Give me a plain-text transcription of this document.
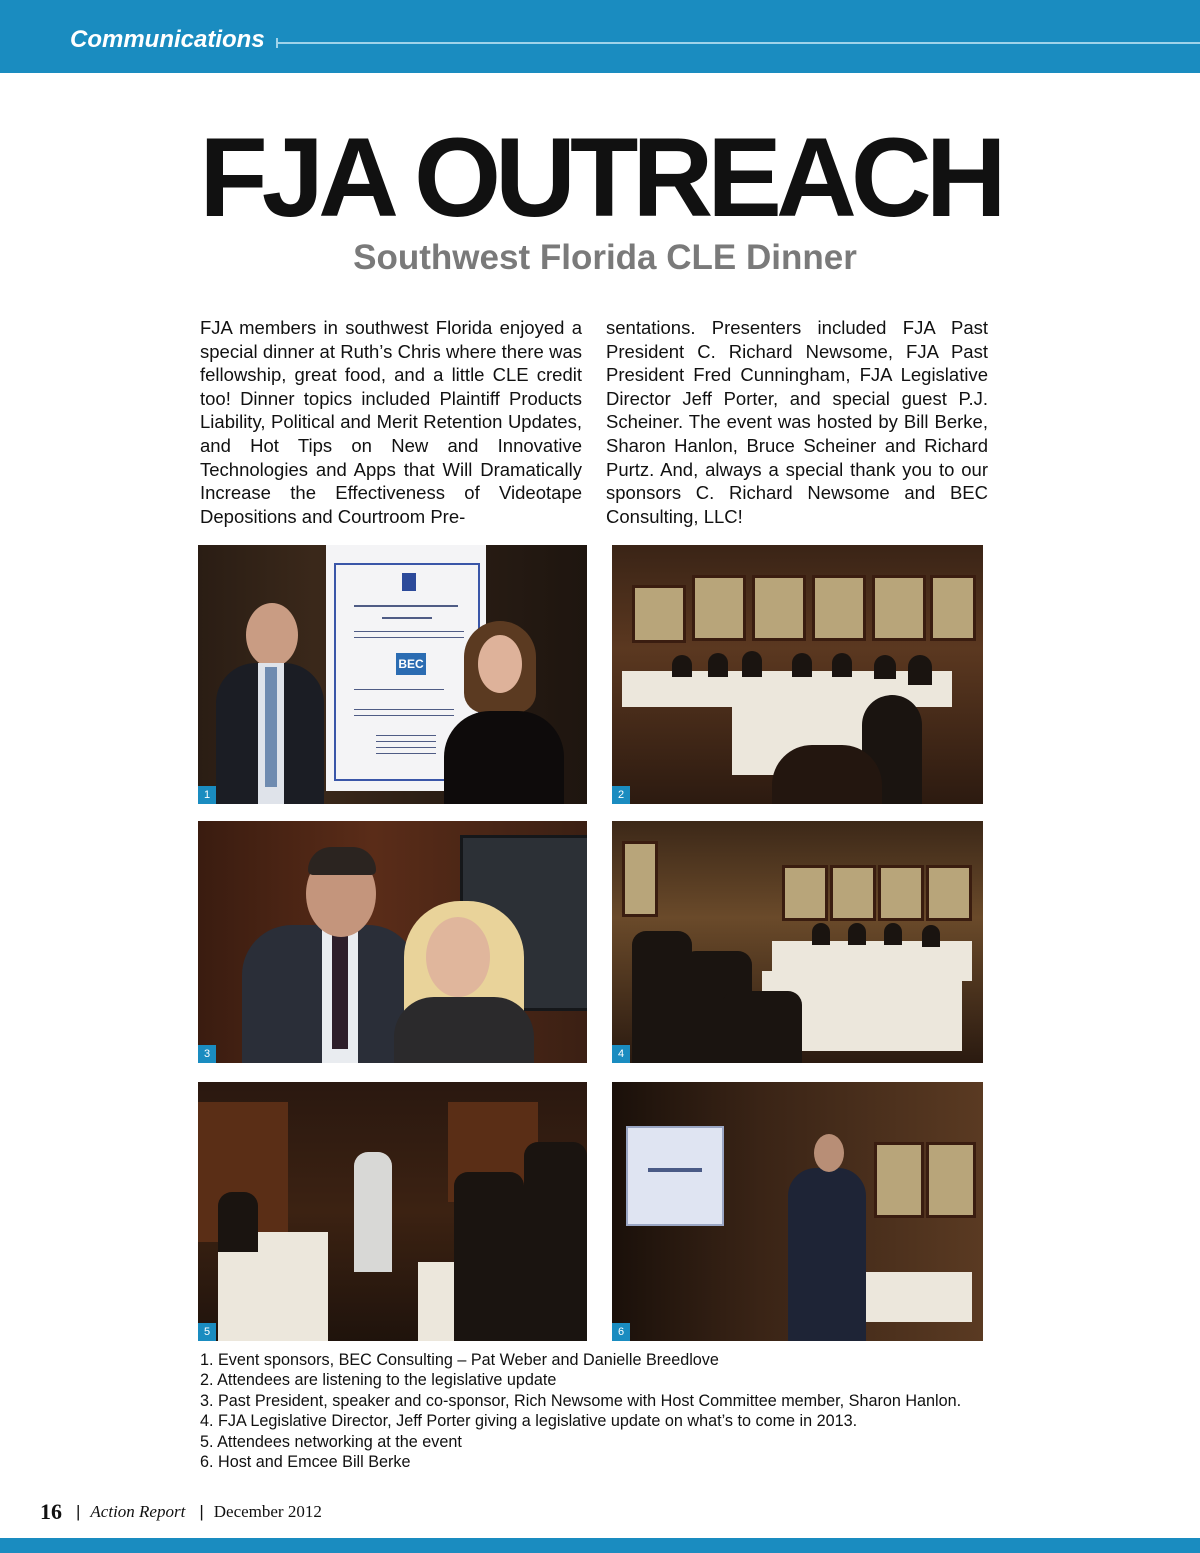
Communications
FJA OUTREACH
Southwest Florida CLE Dinner
FJA members in southwest Florida enjoyed a special dinner at Ruth’s Chris where there was fellowship, great food, and a little CLE credit too! Dinner topics included Plaintiff Products Liability, Political and Merit Retention Updates, and Hot Tips on New and Innovative Technologies and Apps that Will Dramatically Increase the Effectiveness of Videotape Depositions and Courtroom Pre-
sentations. Presenters included FJA Past President C. Richard Newsome, FJA Past President Fred Cunningham, FJA Legislative Director Jeff Porter, and special guest P.J. Scheiner. The event was hosted by Bill Berke, Sharon Hanlon, Bruce Scheiner and Richard Purtz. And, always a special thank you to our sponsors C. Richard Newsome and BEC Consulting, LLC!
BEC
1	2
3	4
5	6
1. Event sponsors, BEC Consulting – Pat Weber and Danielle Breedlove
2. Attendees are listening to the legislative update
3. Past President, speaker and co-sponsor, Rich Newsome with Host Committee member, Sharon Hanlon.
4. FJA Legislative Director, Jeff Porter giving a legislative update on what’s to come in 2013.
5. Attendees networking at the event
6. Host and Emcee Bill Berke
16 | Action Report | December 2012
